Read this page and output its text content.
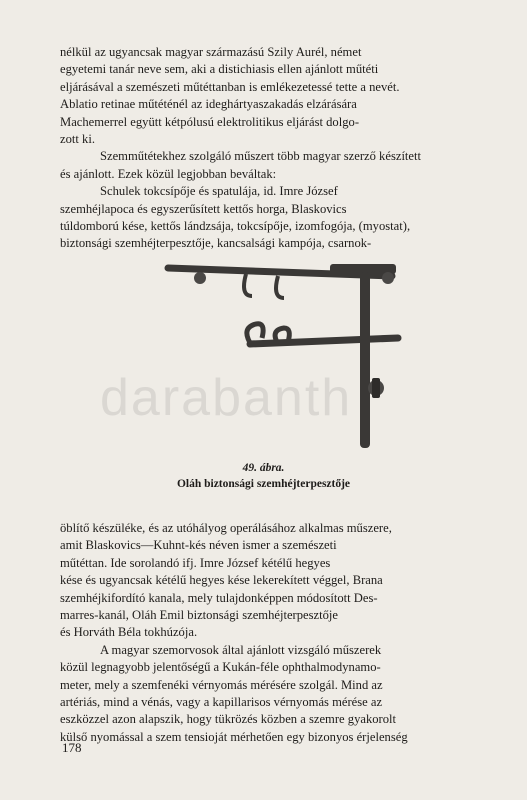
nélkül az ugyancsak magyar származású Szily Aurél, német
egyetemi tanár neve sem, aki a distichiasis ellen ajánlott műtéti
eljárásával a szemészeti műtéttanban is emlékezetessé tette a nevét.
Ablatio retinae műtéténél az ideghártyaszakadás elzárására
Machemerrel együtt kétpólusú elektrolitikus eljárást dolgo-
zott ki.
Szemműtétekhez szolgáló műszert több magyar szerző készített
és ajánlott. Ezek közül legjobban beváltak:
Schulek tokcsípője és spatulája, id. Imre József
szemhéjlapoca és egyszerűsített kettős horga, Blaskovics
túldomború kése, kettős lándzsája, tokcsípője, izomfogója, (myostat),
biztonsági szemhéjterpesztője, kancsalsági kampója, csarnok-
49. ábra.
Oláh biztonsági szemhéjterpesztője
darabanth
öblítő készüléke, és az utóhályog operálásához alkalmas műszere,
amit Blaskovics—Kuhnt-kés néven ismer a szemészeti
műtéttan. Ide sorolandó ifj. Imre József kétélű hegyes
kése és ugyancsak kétélű hegyes kése lekerekített véggel, Brana
szemhéjkifordító kanala, mely tulajdonképpen módosított Des-
marres-kanál, Oláh Emil biztonsági szemhéjterpesztője
és Horváth Béla tokhúzója.
A magyar szemorvosok által ajánlott vizsgáló műszerek
közül legnagyobb jelentőségű a Kukán-féle ophthalmodynamo-
meter, mely a szemfenéki vérnyomás mérésére szolgál. Mind az
artériás, mind a vénás, vagy a kapillarisos vérnyomás mérése az
eszközzel azon alapszik, hogy tükrözés közben a szemre gyakorolt
külső nyomással a szem tensioját mérhetően egy bizonyos érjelenség
178
